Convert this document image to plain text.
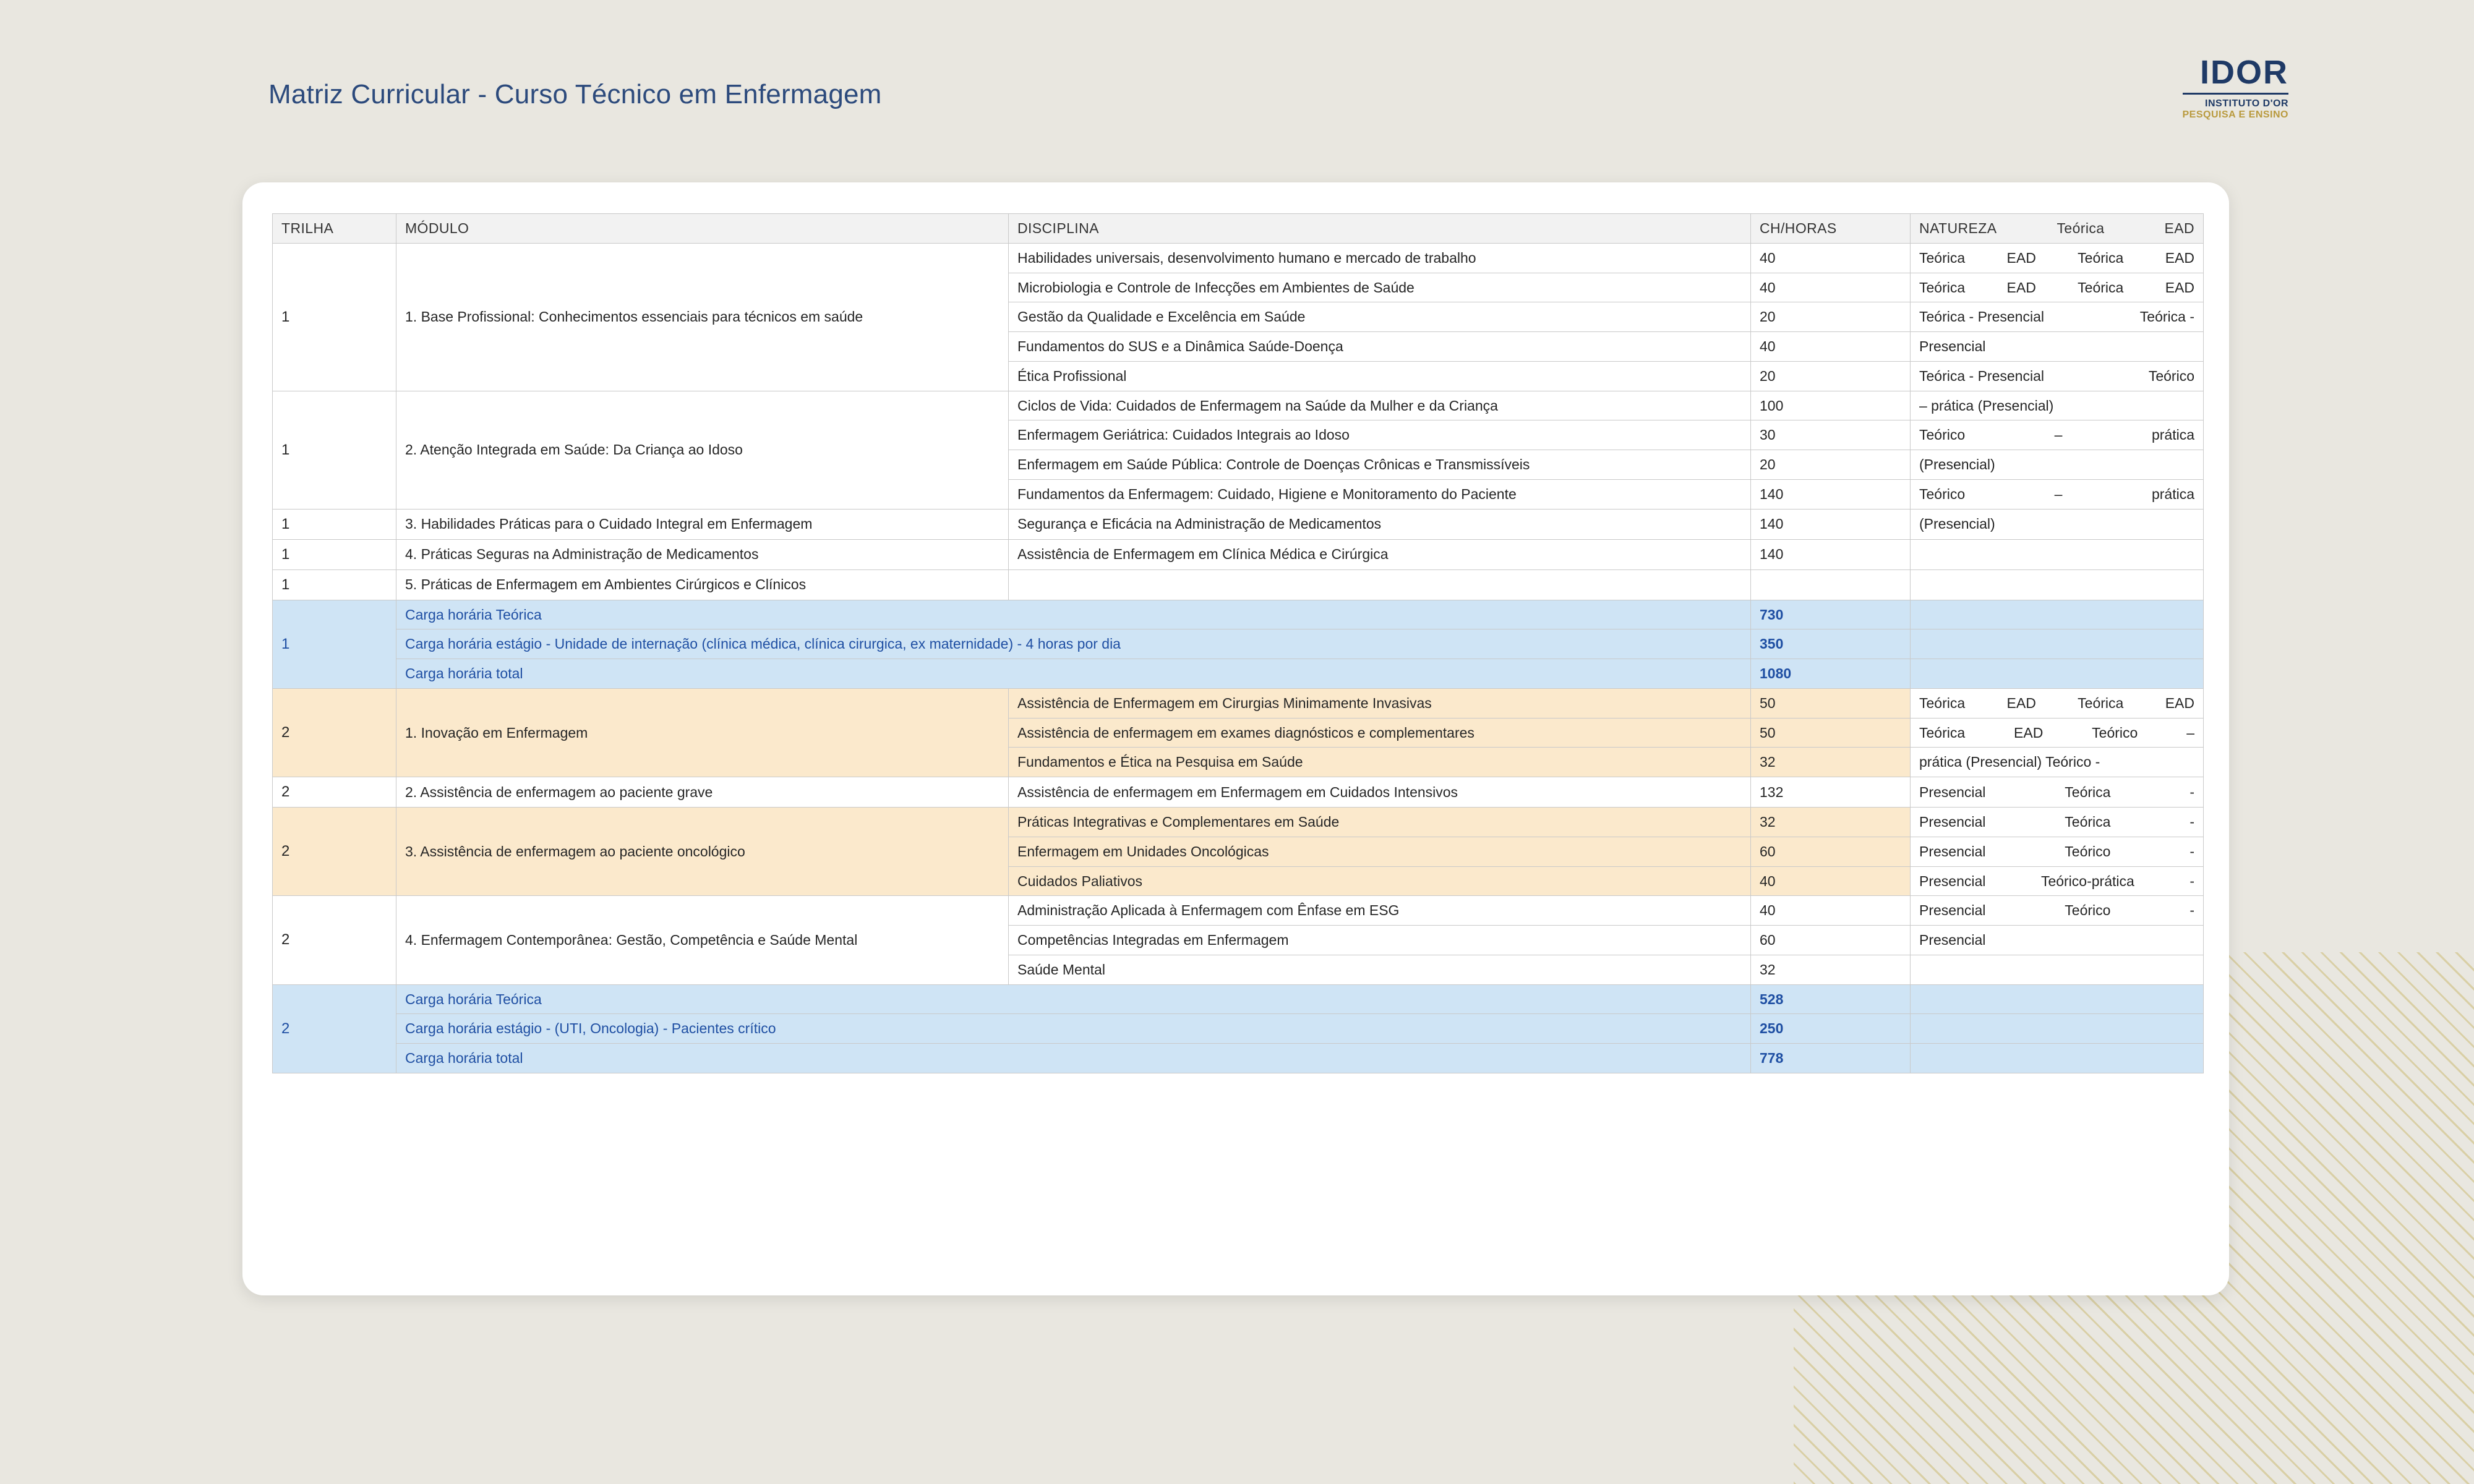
Matriz Curricular - Curso Técnico em Enfermagem
IDOR
INSTITUTO D'OR
PESQUISA E ENSINO
TRILHA	MÓDULO	DISCIPLINA	CH/HORAS	NATUREZA Teórica EAD

1	1. Base Profissional: Conhecimentos essenciais para técnicos em saúde	Habilidades universais, desenvolvimento humano e mercado de trabalho	40	Teórica EAD Teórica EAD

		Microbiologia e Controle de Infecções em Ambientes de Saúde	40	Teórica EAD Teórica EAD

		Gestão da Qualidade e Excelência em Saúde	20	Teórica - Presencial Teórica -

		Fundamentos do SUS e a Dinâmica Saúde-Doença	40	Presencial
		Ética Profissional	20	Teórica - Presencial Teórico

1	2. Atenção Integrada em Saúde: Da Criança ao Idoso	Ciclos de Vida: Cuidados de Enfermagem na Saúde da Mulher e da Criança	100	– prática (Presencial)
		Enfermagem Geriátrica: Cuidados Integrais ao Idoso	30	Teórico – prática

		Enfermagem em Saúde Pública: Controle de Doenças Crônicas e Transmissíveis	20	(Presencial)
		Fundamentos da Enfermagem: Cuidado, Higiene e Monitoramento do Paciente	140	Teórico – prática

1	3. Habilidades Práticas para o Cuidado Integral em Enfermagem	Segurança e Eficácia na Administração de Medicamentos	140	(Presencial)
1	4. Práticas Seguras na Administração de Medicamentos	Assistência de Enfermagem em Clínica Médica e Cirúrgica	140	
1	5. Práticas de Enfermagem em Ambientes Cirúrgicos e Clínicos			
1	Carga horária Teórica		730	
	Carga horária estágio - Unidade de internação (clínica médica, clínica cirurgica, ex maternidade) - 4 horas por dia		350	
	Carga horária total		1080	
2	1. Inovação em Enfermagem	Assistência de Enfermagem em Cirurgias Minimamente Invasivas	50	Teórica EAD Teórica EAD

		Assistência de enfermagem em exames diagnósticos e complementares	50	Teórica EAD Teórico –

		Fundamentos e Ética na Pesquisa em Saúde	32	prática (Presencial) Teórico -
2	2. Assistência de enfermagem ao paciente grave	Assistência de enfermagem em Enfermagem em Cuidados Intensivos	132	Presencial Teórica -

2	3. Assistência de enfermagem ao paciente oncológico	Práticas Integrativas e Complementares em Saúde	32	Presencial Teórica -

		Enfermagem em Unidades Oncológicas	60	Presencial Teórico -

		Cuidados Paliativos	40	Presencial Teórico-prática -

2	4. Enfermagem Contemporânea: Gestão, Competência e Saúde Mental	Administração Aplicada à Enfermagem com Ênfase em ESG	40	Presencial Teórico -

		Competências Integradas em Enfermagem	60	Presencial
		Saúde Mental	32	
2	Carga horária Teórica		528	
	Carga horária estágio - (UTI, Oncologia) - Pacientes crítico		250	
	Carga horária total		778	
